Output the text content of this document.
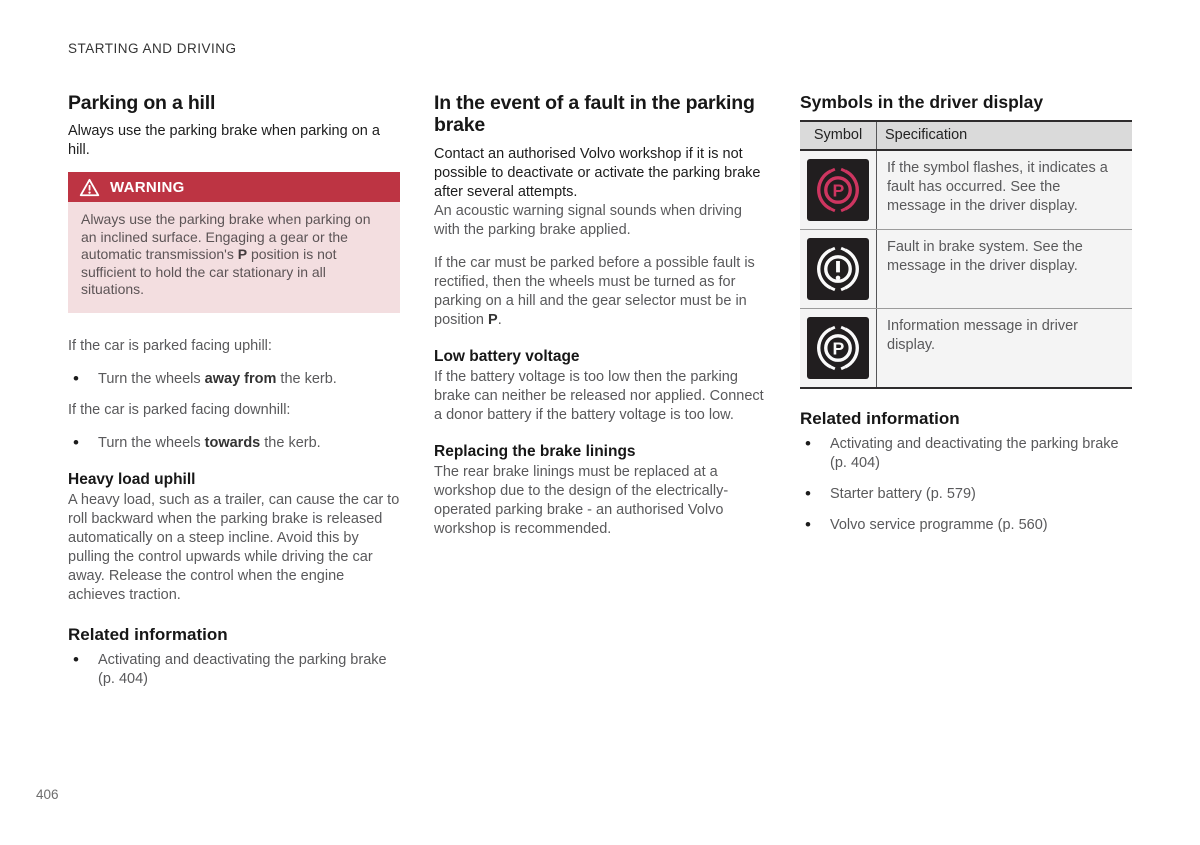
STARTING AND DRIVING
Parking on a hill

Always use the parking brake when parking on a hill.

WARNING

Always use the parking brake when parking on an inclined surface. Engaging a gear or the automatic transmission's P position is not sufficient to hold the car stationary in all situations.

If the car is parked facing uphill:

• Turn the wheels away from the kerb.

If the car is parked facing downhill:

• Turn the wheels towards the kerb.
Heavy load uphill

A heavy load, such as a trailer, can cause the car to roll backward when the parking brake is released automatically on a steep incline. Avoid this by pulling the control upwards while driving the car away. Release the control when the engine achieves traction.

Related information
• Activating and deactivating the parking brake (p. 404)
In the event of a fault in the parking brake

Contact an authorised Volvo workshop if it is not possible to deactivate or activate the parking brake after several attempts.

An acoustic warning signal sounds when driving with the parking brake applied.

If the car must be parked before a possible fault is rectified, then the wheels must be turned as for parking on a hill and the gear selector must be in position P.

Low battery voltage

If the battery voltage is too low then the parking brake can neither be released nor applied. Connect a donor battery if the battery voltage is too low.

Replacing the brake linings

The rear brake linings must be replaced at a workshop due to the design of the electrically-operated parking brake - an authorised Volvo workshop is recommended.

Symbols in the driver display
Symbol	Specification
If the symbol flashes, it indicates a fault has occurred. See the message in the driver display.
Fault in brake system. See the message in the driver display.
Information message in driver display.
Related information
• Activating and deactivating the parking brake (p. 404)
• Starter battery (p. 579)
• Volvo service programme (p. 560)
406
